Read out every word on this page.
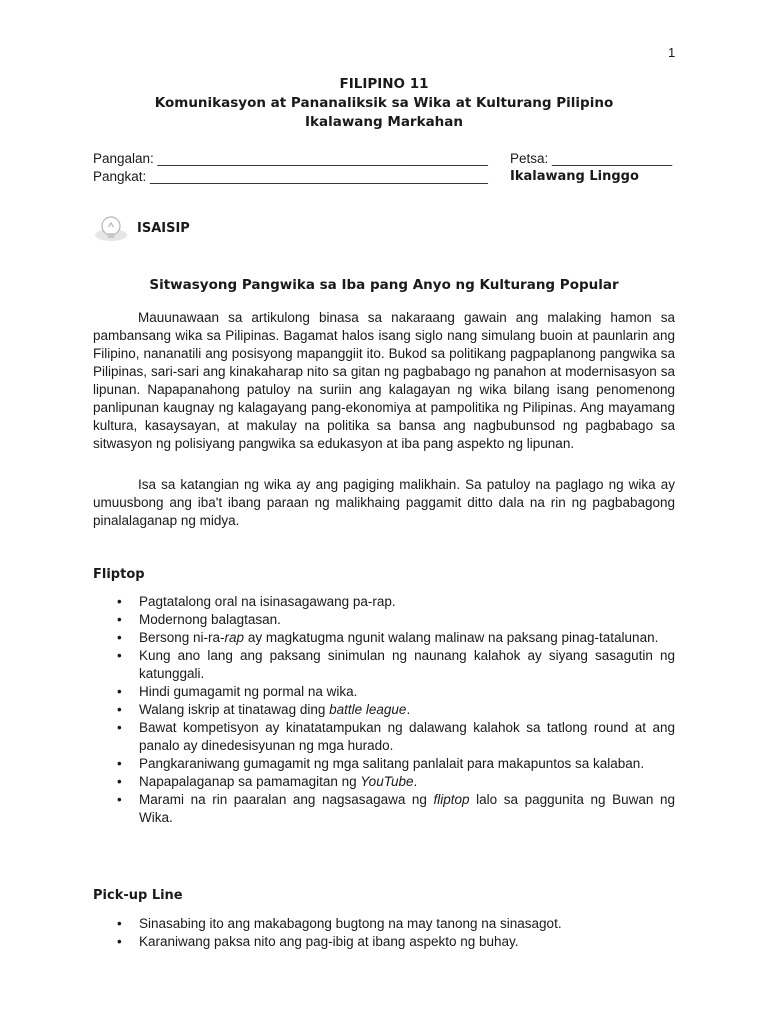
1
FILIPINO 11
Komunikasyon at Pananaliksik sa Wika at Kulturang Pilipino
Ikalawang Markahan
Pangalan: ____________________________________________ Petsa: ________________
Pangkat: _____________________________________________ Ikalawang Linggo
ISAISIP
Sitwasyong Pangwika sa Iba pang Anyo ng Kulturang Popular

Mauunawaan sa artikulong binasa sa nakaraang gawain ang malaking hamon sa pambansang wika sa Pilipinas. Bagamat halos isang siglo nang simulang buoin at paunlarin ang Filipino, nananatili ang posisyong mapanggiit ito. Bukod sa politikang pagpaplanong pangwika sa Pilipinas, sari-sari ang kinakaharap nito sa gitan ng pagbabago ng panahon at modernisasyon sa lipunan. Napapanahong patuloy na suriin ang kalagayan ng wika bilang isang penomenong panlipunan kaugnay ng kalagayang pang-ekonomiya at pampolitika ng Pilipinas. Ang mayamang kultura, kasaysayan, at makulay na politika sa bansa ang nagbubunsod ng pagbabago sa sitwasyon ng polisiyang pangwika sa edukasyon at iba pang aspekto ng lipunan.

Isa sa katangian ng wika ay ang pagiging malikhain. Sa patuloy na paglago ng wika ay umuusbong ang iba't ibang paraan ng malikhaing paggamit ditto dala na rin ng pagbabagong pinalalaganap ng midya.

Fliptop
• Pagtatalong oral na isinasagawang pa-rap.
• Modernong balagtasan.
• Bersong ni-ra-rap ay magkatugma ngunit walang malinaw na paksang pinag-tatalunan.
• Kung ano lang ang paksang sinimulan ng naunang kalahok ay siyang sasagutin ng katunggali.
• Hindi gumagamit ng pormal na wika.
• Walang iskrip at tinatawag ding battle league.
• Bawat kompetisyon ay kinatatampukan ng dalawang kalahok sa tatlong round at ang panalo ay dinedesisyunan ng mga hurado.
• Pangkaraniwang gumagamit ng mga salitang panlalait para makapuntos sa kalaban.
• Napapalaganap sa pamamagitan ng YouTube.
• Marami na rin paaralan ang nagsasagawa ng fliptop lalo sa paggunita ng Buwan ng Wika.
Pick-up Line
• Sinasabing ito ang makabagong bugtong na may tanong na sinasagot.
• Karaniwang paksa nito ang pag-ibig at ibang aspekto ng buhay.
